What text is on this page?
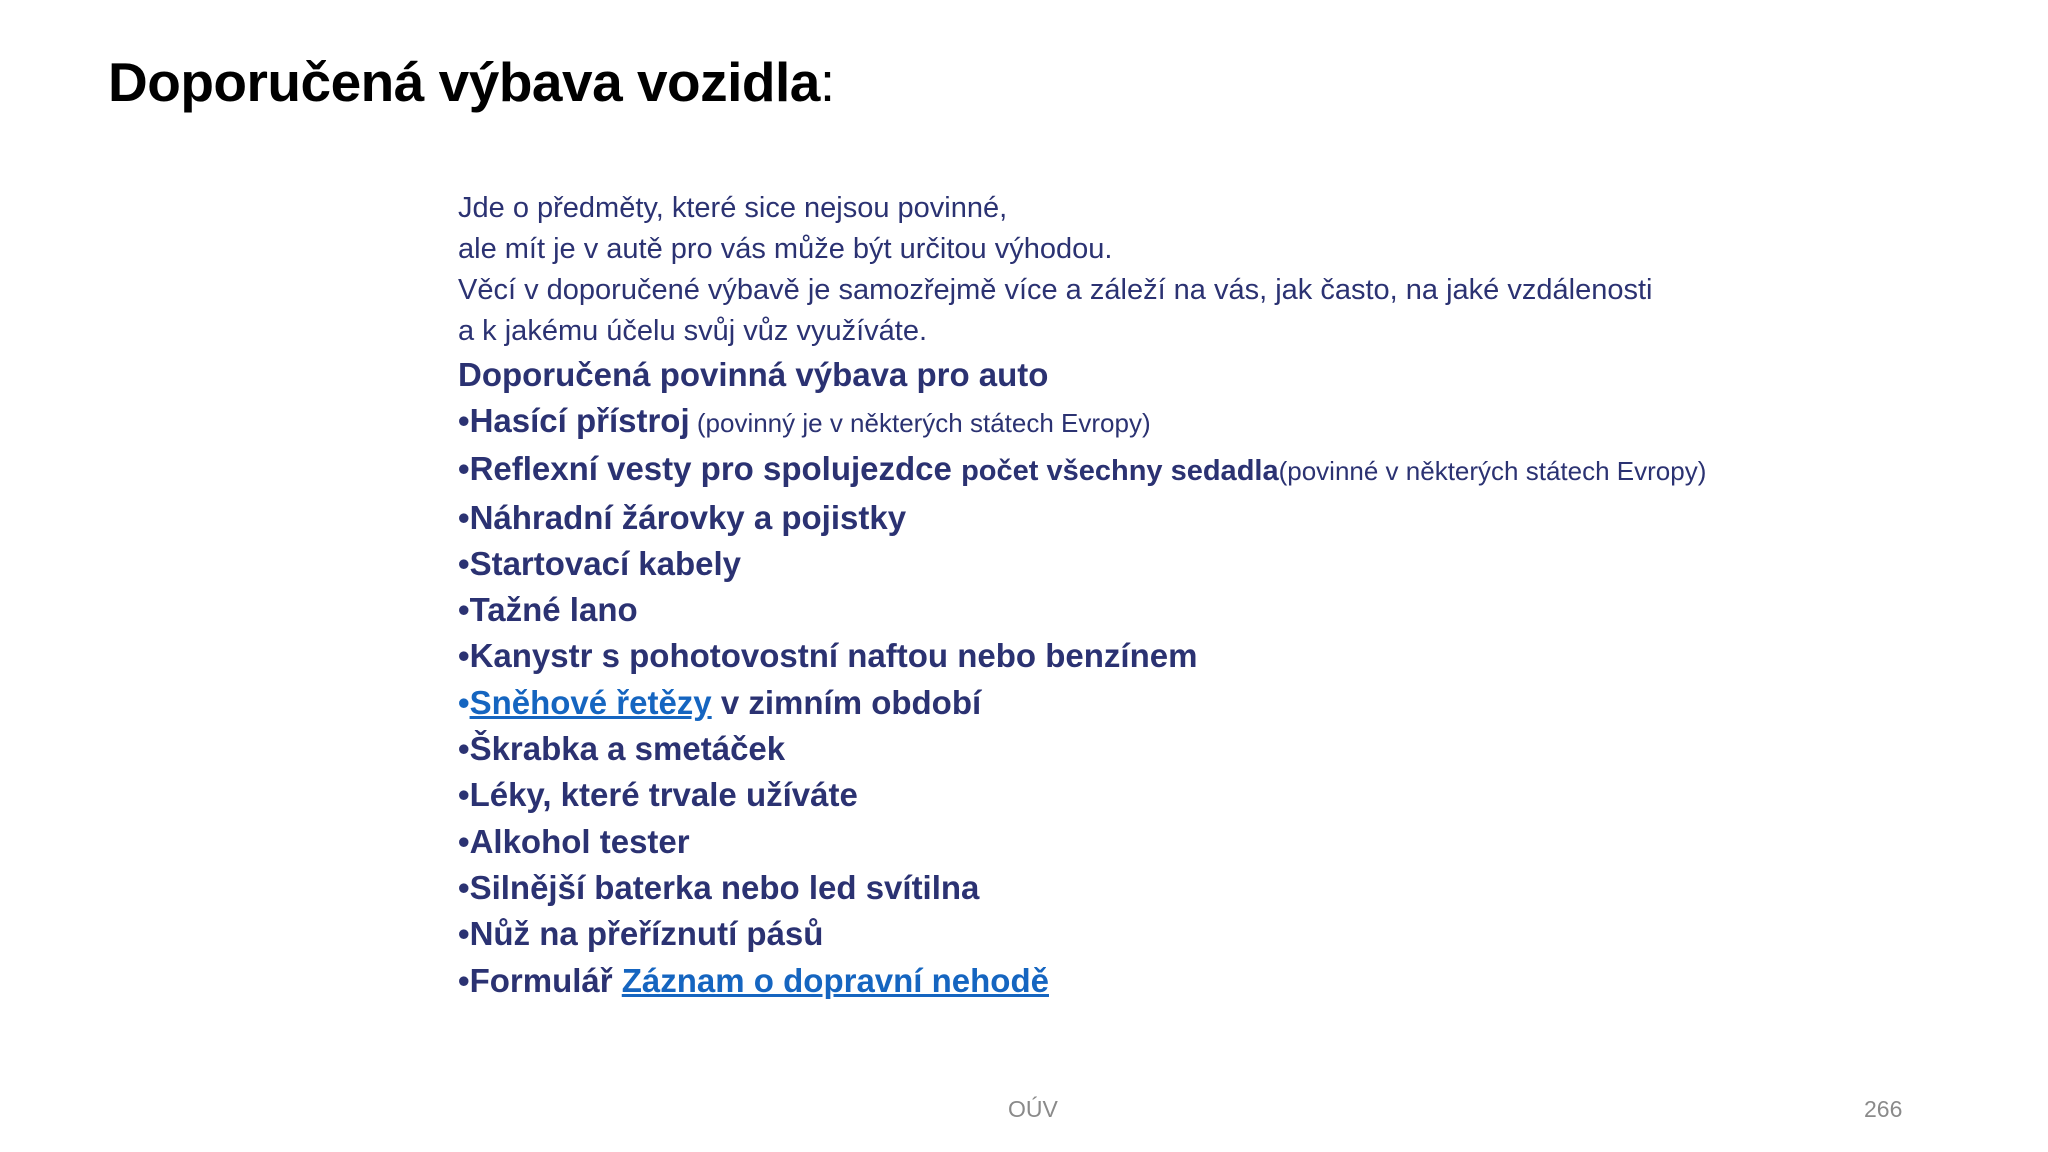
Doporučená výbava vozidla:
Jde o předměty, které sice nejsou povinné,
ale mít je v autě pro vás může být určitou výhodou.
Věcí v doporučené výbavě je samozřejmě více a záleží na vás, jak často, na jaké vzdálenosti
a k jakému účelu svůj vůz využíváte.
Doporučená povinná výbava pro auto
•Hasící přístroj (povinný je v některých státech Evropy)
•Reflexní vesty pro spolujezdce počet všechny sedadla(povinné v některých státech Evropy)
•Náhradní žárovky a pojistky
•Startovací kabely
•Tažné lano
•Kanystr s pohotovostní naftou nebo benzínem
•Sněhové řetězy v zimním období
•Škrabka a smetáček
•Léky, které trvale užíváte
•Alkohol tester
•Silnější baterka nebo led svítilna
•Nůž na přeříznutí pásů
•Formulář Záznam o dopravní nehodě
OÚV	266
